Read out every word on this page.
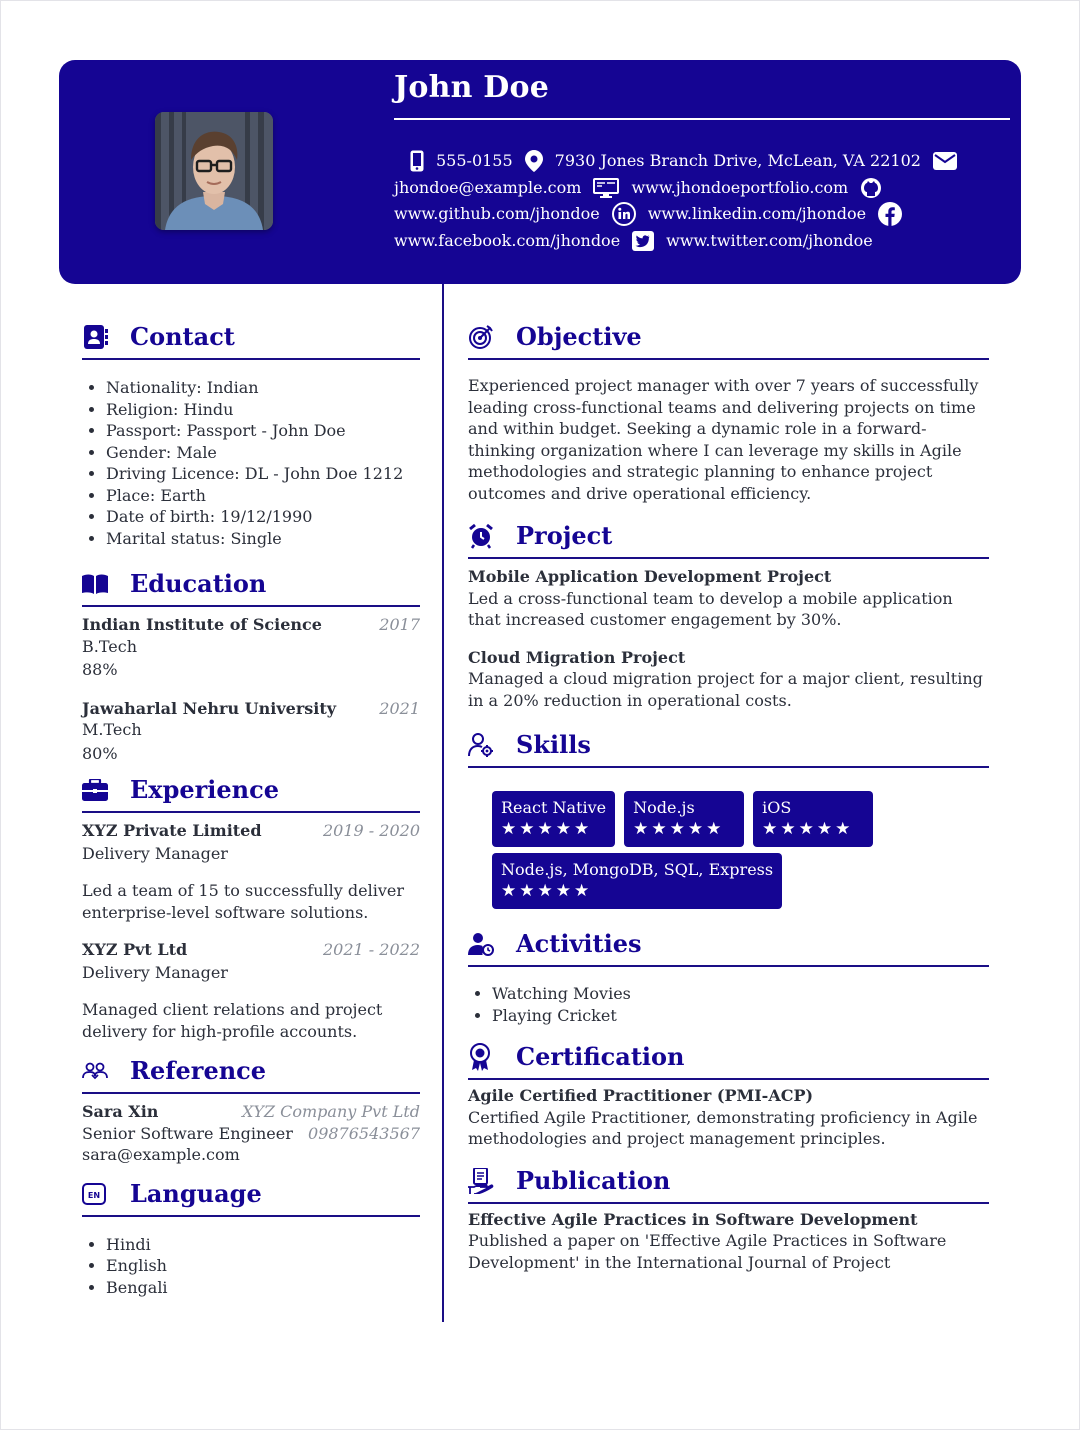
John Doe
555-0155	7930 Jones Branch Drive, McLean, VA 22102
jhondoe@example.com	www.jhondoeportfolio.com
www.github.com/jhondoe	www.linkedin.com/jhondoe
www.facebook.com/jhondoe	www.twitter.com/jhondoe
Contact
• Nationality: Indian
• Religion: Hindu
• Passport: Passport - John Doe
• Gender: Male
• Driving Licence: DL - John Doe 1212
• Place: Earth
• Date of birth: 19/12/1990
• Marital status: Single
Education
Indian Institute of Science	2017
B.Tech
88%
Jawaharlal Nehru University	2021
M.Tech
80%
Experience
XYZ Private Limited	2019 - 2020
Delivery Manager
Led a team of 15 to successfully deliver enterprise-level software solutions.
XYZ Pvt Ltd	2021 - 2022
Delivery Manager
Managed client relations and project delivery for high-profile accounts.
Reference
Sara Xin	XYZ Company Pvt Ltd
Senior Software Engineer 09876543567
sara@example.com
EN Language
• Hindi
• English
• Bengali
Objective
Experienced project manager with over 7 years of successfully leading cross-functional teams and delivering projects on time and within budget. Seeking a dynamic role in a forward-thinking organization where I can leverage my skills in Agile methodologies and strategic planning to enhance project outcomes and drive operational efficiency.
Project
Mobile Application Development Project
Led a cross-functional team to develop a mobile application that increased customer engagement by 30%.
Cloud Migration Project
Managed a cloud migration project for a major client, resulting in a 20% reduction in operational costs.
Skills
React Native
★★★★★
Node.js
★★★★★
iOS
★★★★★
Node.js, MongoDB, SQL, Express
★★★★★
Activities
• Watching Movies
• Playing Cricket
Certification
Agile Certified Practitioner (PMI-ACP)
Certified Agile Practitioner, demonstrating proficiency in Agile methodologies and project management principles.
Publication
Effective Agile Practices in Software Development
Published a paper on 'Effective Agile Practices in Software Development' in the International Journal of Project
